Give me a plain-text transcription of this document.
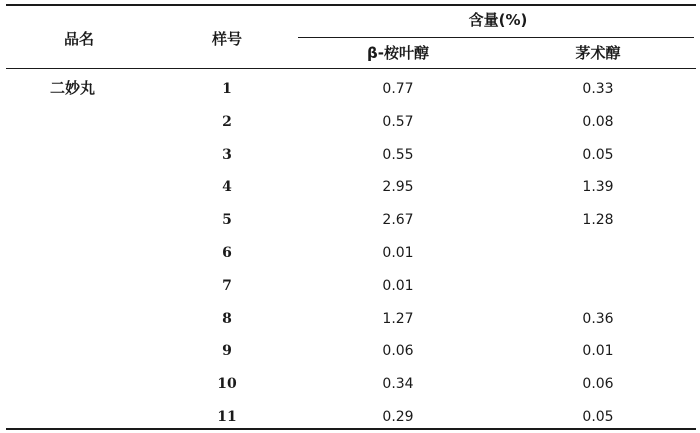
品名	样号
含量(%)
β-桉叶醇	茅术醇
二妙丸	1	0.77	0.33
2	0.57	0.08
3	0.55	0.05
4	2.95	1.39
5	2.67	1.28
6	0.01
7	0.01
8	1.27	0.36
9	0.06	0.01
10	0.34	0.06
11	0.29	0.05
